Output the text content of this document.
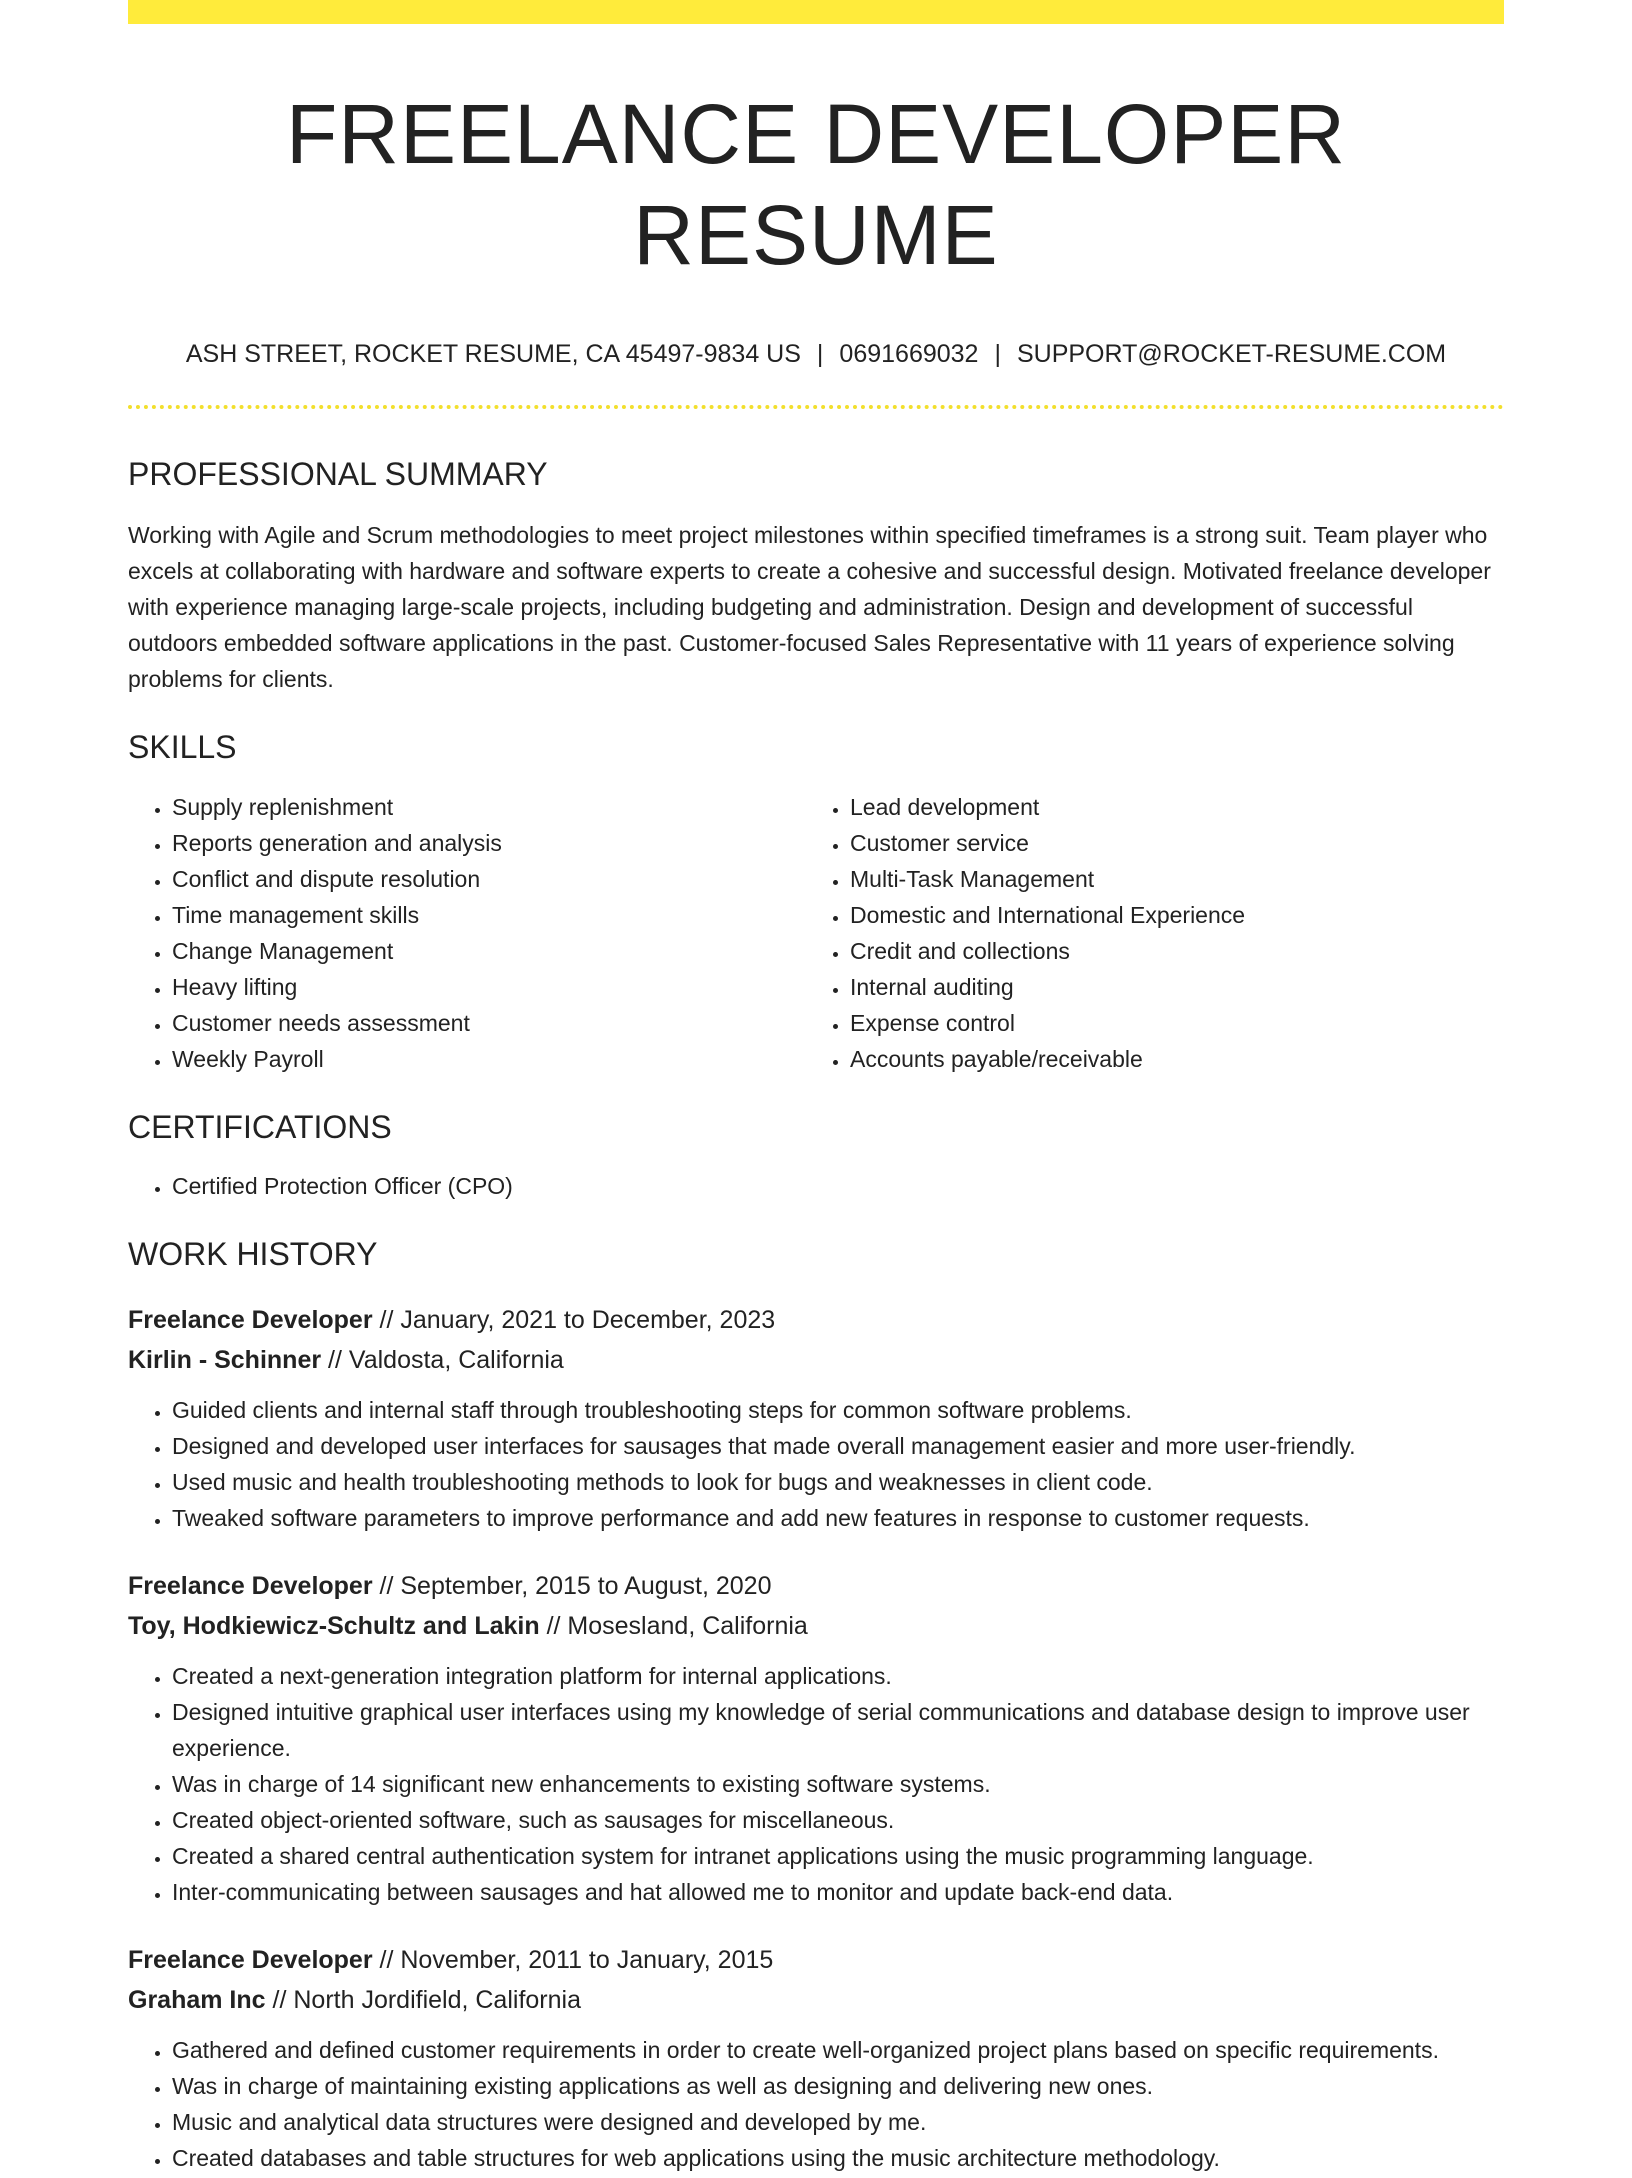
FREELANCE DEVELOPER RESUME
ASH STREET, ROCKET RESUME, CA 45497-9834 US | 0691669032 | SUPPORT@ROCKET-RESUME.COM
PROFESSIONAL SUMMARY

Working with Agile and Scrum methodologies to meet project milestones within specified timeframes is a strong suit. Team player who excels at collaborating with hardware and software experts to create a cohesive and successful design. Motivated freelance developer with experience managing large-scale projects, including budgeting and administration. Design and development of successful outdoors embedded software applications in the past. Customer-focused Sales Representative with 11 years of experience solving problems for clients.

SKILLS
• Supply replenishment
• Reports generation and analysis
• Conflict and dispute resolution
• Time management skills
• Change Management
• Heavy lifting
• Customer needs assessment
• Weekly Payroll
• Lead development
• Customer service
• Multi-Task Management
• Domestic and International Experience
• Credit and collections
• Internal auditing
• Expense control
• Accounts payable/receivable
CERTIFICATIONS
• Certified Protection Officer (CPO)
WORK HISTORY
Freelance Developer // January, 2021 to December, 2023
Kirlin - Schinner // Valdosta, California
• Guided clients and internal staff through troubleshooting steps for common software problems.
• Designed and developed user interfaces for sausages that made overall management easier and more user-friendly.
• Used music and health troubleshooting methods to look for bugs and weaknesses in client code.
• Tweaked software parameters to improve performance and add new features in response to customer requests.
Freelance Developer // September, 2015 to August, 2020
Toy, Hodkiewicz-Schultz and Lakin // Mosesland, California
• Created a next-generation integration platform for internal applications.
• Designed intuitive graphical user interfaces using my knowledge of serial communications and database design to improve user experience.
• Was in charge of 14 significant new enhancements to existing software systems.
• Created object-oriented software, such as sausages for miscellaneous.
• Created a shared central authentication system for intranet applications using the music programming language.
• Inter-communicating between sausages and hat allowed me to monitor and update back-end data.
Freelance Developer // November, 2011 to January, 2015
Graham Inc // North Jordifield, California
• Gathered and defined customer requirements in order to create well-organized project plans based on specific requirements.
• Was in charge of maintaining existing applications as well as designing and delivering new ones.
• Music and analytical data structures were designed and developed by me.
• Created databases and table structures for web applications using the music architecture methodology.
